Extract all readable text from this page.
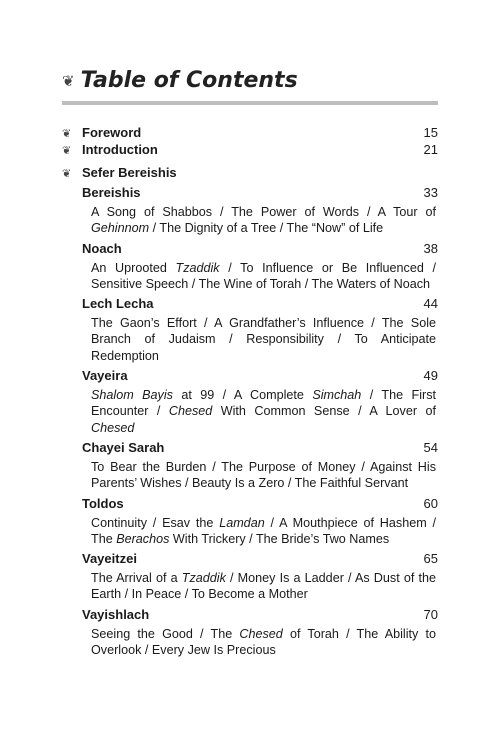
❦ Table of Contents
❦ Foreword	15
❦ Introduction	21
❦ Sefer Bereishis
Bereishis	33
A Song of Shabbos / The Power of Words / A Tour of Gehinnom / The Dignity of a Tree / The “Now” of Life
Noach	38
An Uprooted Tzaddik / To Influence or Be Influenced / Sensitive Speech / The Wine of Torah / The Waters of Noach
Lech Lecha	44
The Gaon’s Effort / A Grandfather’s Influence / The Sole Branch of Judaism / Responsibility / To Anticipate Redemption
Vayeira	49
Shalom Bayis at 99 / A Complete Simchah / The First Encounter / Chesed With Common Sense / A Lover of Chesed
Chayei Sarah	54
To Bear the Burden / The Purpose of Money / Against His Parents’ Wishes / Beauty Is a Zero / The Faithful Servant
Toldos	60
Continuity / Esav the Lamdan / A Mouthpiece of Hashem / The Berachos With Trickery / The Bride’s Two Names
Vayeitzei	65
The Arrival of a Tzaddik / Money Is a Ladder / As Dust of the Earth / In Peace / To Become a Mother
Vayishlach	70
Seeing the Good / The Chesed of Torah / The Ability to Overlook / Every Jew Is Precious
